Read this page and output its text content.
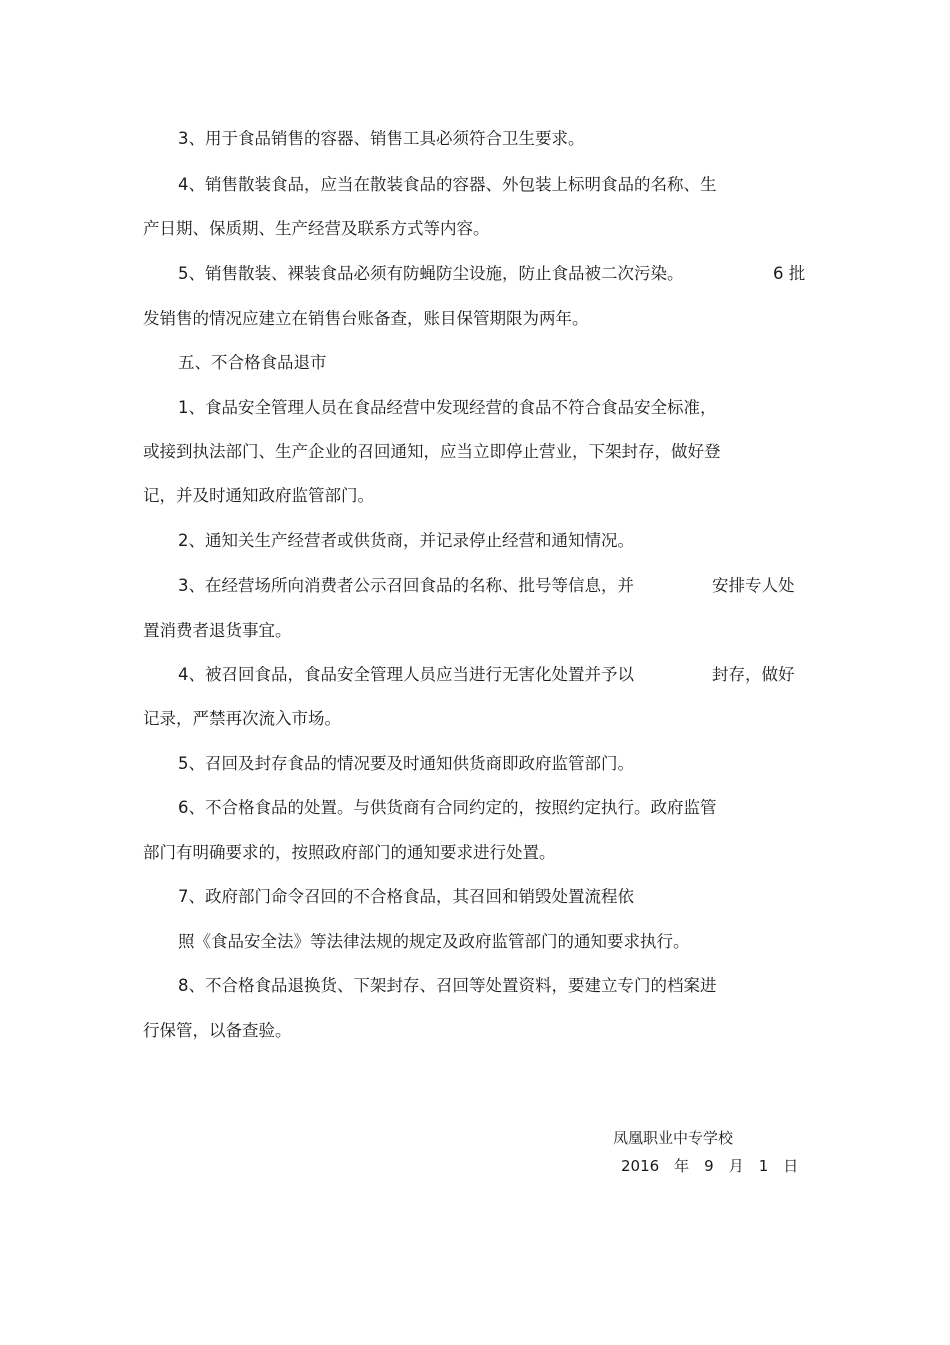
3、用于食品销售的容器、销售工具必须符合卫生要求。

4、销售散装食品，应当在散装食品的容器、外包装上标明食品的名称、生

产日期、保质期、生产经营及联系方式等内容。

5、销售散装、裸装食品必须有防蝇防尘设施，防止食品被二次污染。	6 批

发销售的情况应建立在销售台账备查，账目保管期限为两年。

五、不合格食品退市

1、食品安全管理人员在食品经营中发现经营的食品不符合食品安全标准，

或接到执法部门、生产企业的召回通知，应当立即停止营业，下架封存，做好登

记，并及时通知政府监管部门。

2、通知关生产经营者或供货商，并记录停止经营和通知情况。

3、在经营场所向消费者公示召回食品的名称、批号等信息，并	安排专人处

置消费者退货事宜。

4、被召回食品，食品安全管理人员应当进行无害化处置并予以	封存，做好

记录，严禁再次流入市场。

5、召回及封存食品的情况要及时通知供货商即政府监管部门。

6、不合格食品的处置。与供货商有合同约定的，按照约定执行。政府监管

部门有明确要求的，按照政府部门的通知要求进行处置。

7、政府部门命令召回的不合格食品，其召回和销毁处置流程依

照《食品安全法》等法律法规的规定及政府监管部门的通知要求执行。

8、不合格食品退换货、下架封存、召回等处置资料，要建立专门的档案进

行保管，以备查验。

凤凰职业中专学校

2016　年　9　月　1　日
